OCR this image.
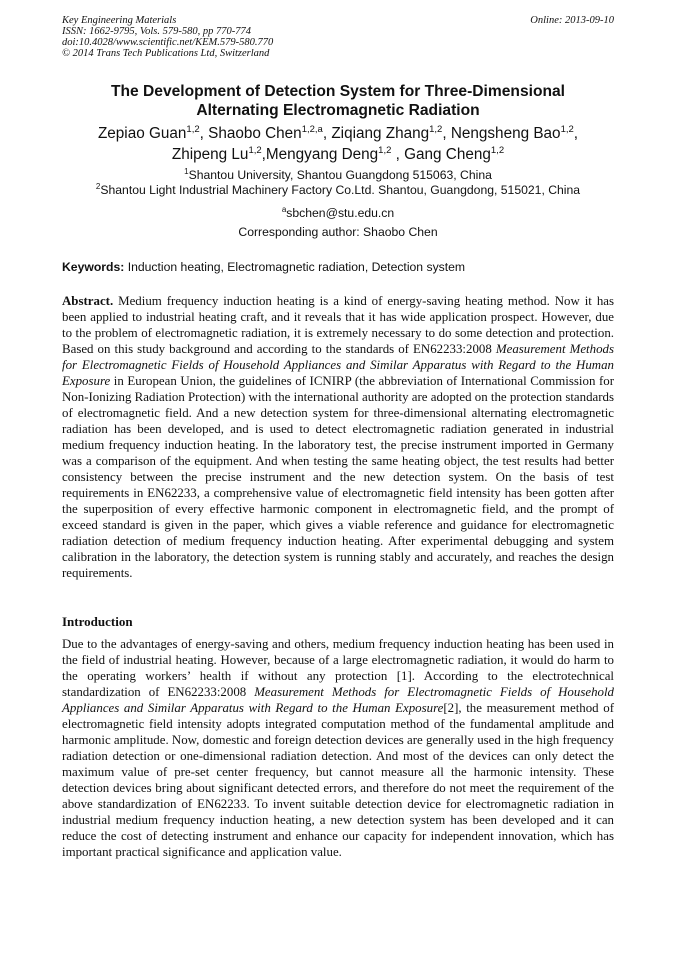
Key Engineering Materials
ISSN: 1662-9795, Vols. 579-580, pp 770-774
doi:10.4028/www.scientific.net/KEM.579-580.770
© 2014 Trans Tech Publications Ltd, Switzerland
Online: 2013-09-10
The Development of Detection System for Three-Dimensional
Alternating Electromagnetic Radiation
Zepiao Guan$^{1,2}$, Shaobo Chen$^{1,2,a}$, Ziqiang Zhang$^{1,2}$, Nengsheng Bao$^{1,2}$,
Zhipeng Lu$^{1,2}$,Mengyang Deng$^{1,2}$ , Gang Cheng$^{1,2}$
$^1$Shantou University, Shantou Guangdong 515063, China
$^2$Shantou Light Industrial Machinery Factory Co.Ltd. Shantou, Guangdong, 515021, China
$^a$sbchen@stu.edu.cn
Corresponding author: Shaobo Chen
Keywords: Induction heating, Electromagnetic radiation, Detection system
Abstract. Medium frequency induction heating is a kind of energy-saving heating method. Now it has been applied to industrial heating craft, and it reveals that it has wide application prospect. However, due to the problem of electromagnetic radiation, it is extremely necessary to do some detection and protection. Based on this study background and according to the standards of EN62233:2008 Measurement Methods for Electromagnetic Fields of Household Appliances and Similar Apparatus with Regard to the Human Exposure in European Union, the guidelines of ICNIRP (the abbreviation of International Commission for Non-Ionizing Radiation Protection) with the international authority are adopted on the protection standards of electromagnetic field. And a new detection system for three-dimensional alternating electromagnetic radiation has been developed, and is used to detect electromagnetic radiation generated in industrial medium frequency induction heating. In the laboratory test, the precise instrument imported in Germany was a comparison of the equipment. And when testing the same heating object, the test results had better consistency between the precise instrument and the new detection system. On the basis of test requirements in EN62233, a comprehensive value of electromagnetic field intensity has been gotten after the superposition of every effective harmonic component in electromagnetic field, and the prompt of exceed standard is given in the paper, which gives a viable reference and guidance for electromagnetic radiation detection of medium frequency induction heating. After experimental debugging and system calibration in the laboratory, the detection system is running stably and accurately, and reaches the design requirements.
Introduction
Due to the advantages of energy-saving and others, medium frequency induction heating has been used in the field of industrial heating. However, because of a large electromagnetic radiation, it would do harm to the operating workers’ health if without any protection [1]. According to the electrotechnical standardization of EN62233:2008 Measurement Methods for Electromagnetic Fields of Household Appliances and Similar Apparatus with Regard to the Human Exposure[2], the measurement method of electromagnetic field intensity adopts integrated computation method of the fundamental amplitude and harmonic amplitude. Now, domestic and foreign detection devices are generally used in the high frequency radiation detection or one-dimensional radiation detection. And most of the devices can only detect the maximum value of pre-set center frequency, but cannot measure all the harmonic intensity. These detection devices bring about significant detected errors, and therefore do not meet the requirement of the above standardization of EN62233. To invent suitable detection device for electromagnetic radiation in industrial medium frequency induction heating, a new detection system has been developed and it can reduce the cost of detecting instrument and enhance our capacity for independent innovation, which has important practical significance and application value.
